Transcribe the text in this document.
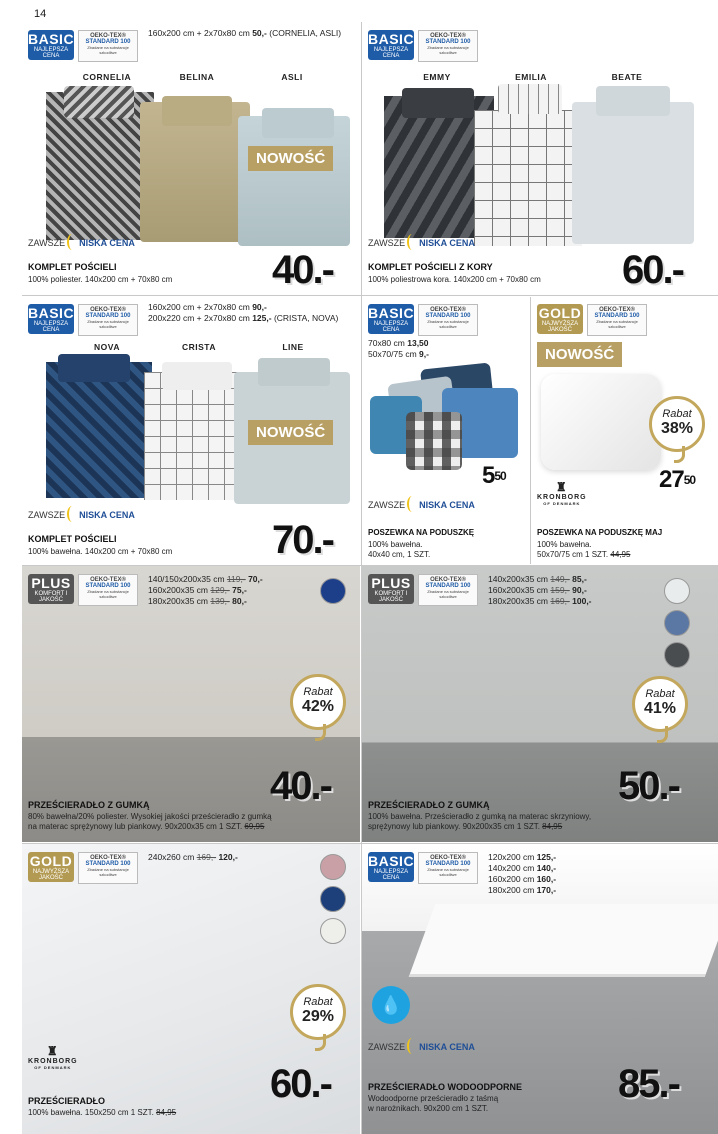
14
BASIC
NAJLEPSZA CENA
OEKO-TEX®
STANDARD 100
Zbadane na substancje szkodliwe
160x200 cm + 2x70x80 cm 50,- (CORNELIA, ASLI)
CORNELIA	BELINA	ASLI
NOWOŚĆ
ZAWSZE NISKA CENA
KOMPLET POŚCIELI
100% poliester. 140x200 cm + 70x80 cm 40.-
BASIC
NAJLEPSZA CENA
OEKO-TEX®
STANDARD 100
Zbadane na substancje szkodliwe
EMMY	EMILIA	BEATE
ZAWSZE NISKA CENA
KOMPLET POŚCIELI Z KORY
100% poliestrowa kora. 140x200 cm + 70x80 cm 60.-
BASIC
NAJLEPSZA CENA
OEKO-TEX®
STANDARD 100
Zbadane na substancje szkodliwe
160x200 cm + 2x70x80 cm 90,-
200x220 cm + 2x70x80 cm 125,- (CRISTA, NOVA)
NOVA	CRISTA	LINE
NOWOŚĆ
ZAWSZE NISKA CENA
KOMPLET POŚCIELI
100% bawełna. 140x200 cm + 70x80 cm 70.-
BASIC
NAJLEPSZA CENA
OEKO-TEX®
STANDARD 100
Zbadane na substancje szkodliwe
70x80 cm 13,50
50x70/75 cm 9,-
$5^{50}$
ZAWSZE NISKA CENA
POSZEWKA NA PODUSZKĘ
100% bawełna.
40x40 cm, 1 SZT.
GOLD
NAJWYŻSZA JAKOŚĆ
OEKO-TEX®
STANDARD 100
Zbadane na substancje szkodliwe
NOWOŚĆ
Rabat
38%
♜
KRONBORG
OF DENMARK
$27^{50}$
POSZEWKA NA PODUSZKĘ MAJ
100% bawełna.
50x70/75 cm 1 SZT. 44,95
PLUS
KOMFORT I JAKOŚĆ
OEKO-TEX®
STANDARD 100
Zbadane na substancje szkodliwe
140/150x200x35 cm 119,- 70,-
160x200x35 cm 129,- 75,-
180x200x35 cm 139,- 80,-
Rabat
42%
40.-
PRZEŚCIERADŁO Z GUMKĄ
80% bawełna/20% poliester. Wysokiej jakości prześcieradło z gumką
na materac sprężynowy lub piankowy. 90x200x35 cm 1 SZT. 69,95
PLUS
KOMFORT I JAKOŚĆ
OEKO-TEX®
STANDARD 100
Zbadane na substancje szkodliwe
140x200x35 cm 149,- 85,-
160x200x35 cm 159,- 90,-
180x200x35 cm 169,- 100,-
Rabat
41%
50.-
PRZEŚCIERADŁO Z GUMKĄ
100% bawełna. Prześcieradło z gumką na materac skrzyniowy,
sprężynowy lub piankowy. 90x200x35 cm 1 SZT. 84,95
GOLD
NAJWYŻSZA JAKOŚĆ
OEKO-TEX®
STANDARD 100
Zbadane na substancje szkodliwe
240x260 cm 169,- 120,-
Rabat
29%
♜
KRONBORG
OF DENMARK	60.-
PRZEŚCIERADŁO
100% bawełna. 150x250 cm 1 SZT. 84,95
BASIC
NAJLEPSZA CENA
OEKO-TEX®
STANDARD 100
Zbadane na substancje szkodliwe
120x200 cm 125,-
140x200 cm 140,-
160x200 cm 160,-
180x200 cm 170,-
💧
ZAWSZE NISKA CENA
85.-
PRZEŚCIERADŁO WODOODPORNE
Wodoodporne prześcieradło z taśmą
w narożnikach. 90x200 cm 1 SZT.
